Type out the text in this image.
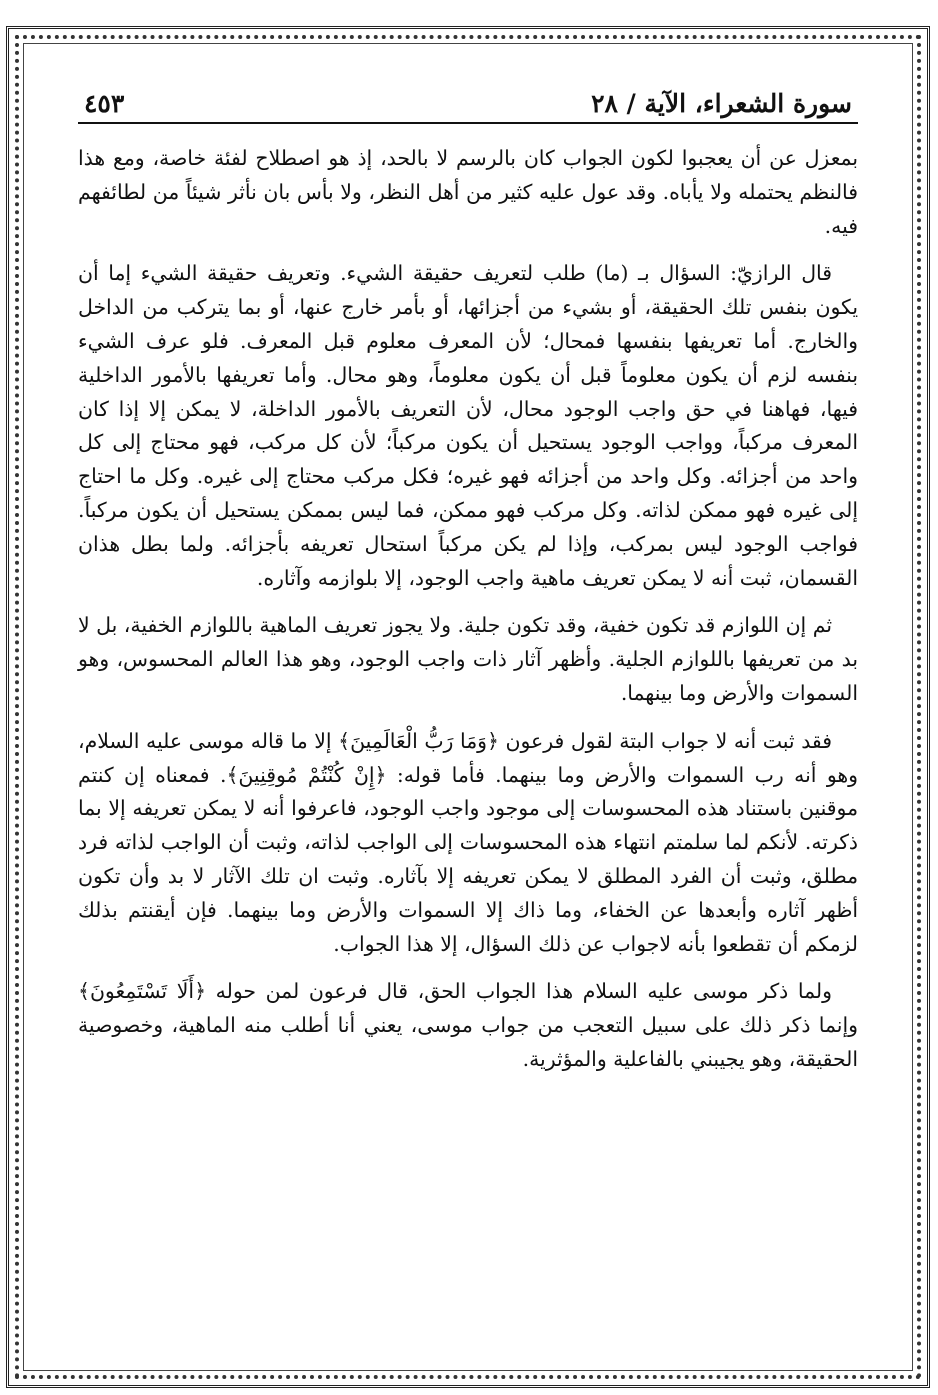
سورة الشعراء، الآية / ٢٨
٤٥٣

بمعزل عن أن يعجبوا لكون الجواب كان بالرسم لا بالحد، إذ هو اصطلاح لفئة خاصة، ومع هذا فالنظم يحتمله ولا يأباه. وقد عول عليه كثير من أهل النظر، ولا بأس بان نأثر شيئاً من لطائفهم فيه.

قال الرازيّ: السؤال بـ (ما) طلب لتعريف حقيقة الشيء. وتعريف حقيقة الشيء إما أن يكون بنفس تلك الحقيقة، أو بشيء من أجزائها، أو بأمر خارج عنها، أو بما يتركب من الداخل والخارج. أما تعريفها بنفسها فمحال؛ لأن المعرف معلوم قبل المعرف. فلو عرف الشيء بنفسه لزم أن يكون معلوماً قبل أن يكون معلوماً، وهو محال. وأما تعريفها بالأمور الداخلية فيها، فهاهنا في حق واجب الوجود محال، لأن التعريف بالأمور الداخلة، لا يمكن إلا إذا كان المعرف مركباً، وواجب الوجود يستحيل أن يكون مركباً؛ لأن كل مركب، فهو محتاج إلى كل واحد من أجزائه. وكل واحد من أجزائه فهو غيره؛ فكل مركب محتاج إلى غيره. وكل ما احتاج إلى غيره فهو ممكن لذاته. وكل مركب فهو ممكن، فما ليس بممكن يستحيل أن يكون مركباً. فواجب الوجود ليس بمركب، وإذا لم يكن مركباً استحال تعريفه بأجزائه. ولما بطل هذان القسمان، ثبت أنه لا يمكن تعريف ماهية واجب الوجود، إلا بلوازمه وآثاره.

ثم إن اللوازم قد تكون خفية، وقد تكون جلية. ولا يجوز تعريف الماهية باللوازم الخفية، بل لا بد من تعريفها باللوازم الجلية. وأظهر آثار ذات واجب الوجود، وهو هذا العالم المحسوس، وهو السموات والأرض وما بينهما.

فقد ثبت أنه لا جواب البتة لقول فرعون ﴿وَمَا رَبُّ الْعَالَمِينَ﴾ إلا ما قاله موسى عليه السلام، وهو أنه رب السموات والأرض وما بينهما. فأما قوله: ﴿إِنْ كُنْتُمْ مُوقِنِينَ﴾. فمعناه إن كنتم موقنين باستناد هذه المحسوسات إلى موجود واجب الوجود، فاعرفوا أنه لا يمكن تعريفه إلا بما ذكرته. لأنكم لما سلمتم انتهاء هذه المحسوسات إلى الواجب لذاته، وثبت أن الواجب لذاته فرد مطلق، وثبت أن الفرد المطلق لا يمكن تعريفه إلا بآثاره. وثبت ان تلك الآثار لا بد وأن تكون أظهر آثاره وأبعدها عن الخفاء، وما ذاك إلا السموات والأرض وما بينهما. فإن أيقنتم بذلك لزمكم أن تقطعوا بأنه لاجواب عن ذلك السؤال، إلا هذا الجواب.

ولما ذكر موسى عليه السلام هذا الجواب الحق، قال فرعون لمن حوله ﴿أَلَا تَسْتَمِعُونَ﴾ وإنما ذكر ذلك على سبيل التعجب من جواب موسى، يعني أنا أطلب منه الماهية، وخصوصية الحقيقة، وهو يجيبني بالفاعلية والمؤثرية.
